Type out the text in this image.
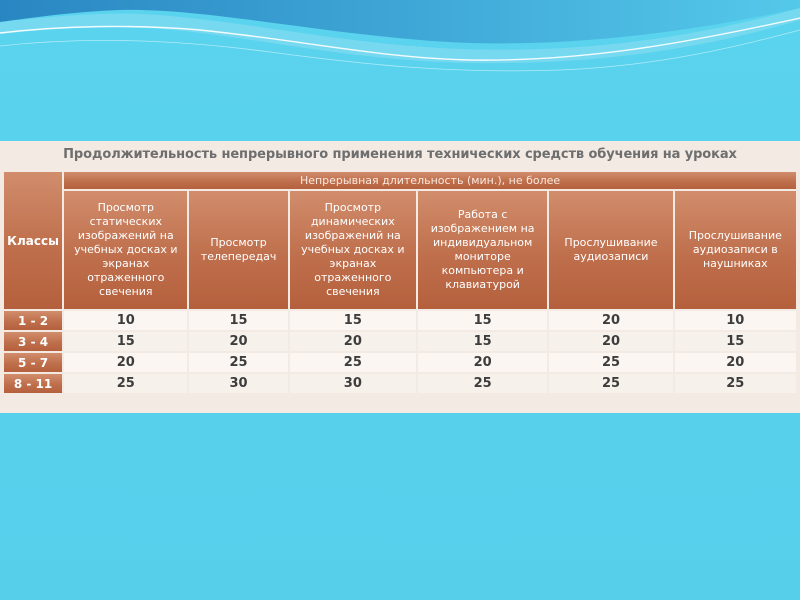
Продолжительность непрерывного применения технических средств обучения на уроках
Классы	Непрерывная длительность (мин.), не более					
	Просмотр статических изображений на учебных досках и экранах отраженного свечения	Просмотр телепередач	Просмотр динамических изображений на учебных досках и экранах отраженного свечения	Работа с изображением на индивидуальном мониторе компьютера и клавиатурой	Прослушивание аудиозаписи	Прослушивание аудиозаписи в наушниках
1 - 2	10	15	15	15	20	10
3 - 4	15	20	20	15	20	15
5 - 7	20	25	25	20	25	20
8 - 11	25	30	30	25	25	25
